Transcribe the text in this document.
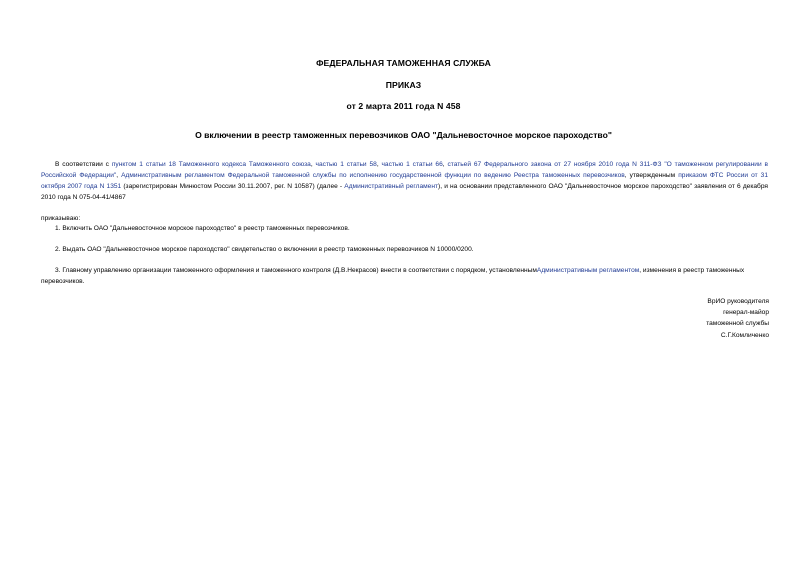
ФЕДЕРАЛЬНАЯ ТАМОЖЕННАЯ СЛУЖБА
ПРИКАЗ
от 2 марта 2011 года N 458
О включении в реестр таможенных перевозчиков ОАО "Дальневосточное морское пароходство"

В соответствии с пунктом 1 статьи 18 Таможенного кодекса Таможенного союза, частью 1 статьи 58, частью 1 статьи 66, статьей 67 Федерального закона от 27 ноября 2010 года N 311-ФЗ "О таможенном регулировании в Российской Федерации", Административным регламентом Федеральной таможенной службы по исполнению государственной функции по ведению Реестра таможенных перевозчиков, утвержденным приказом ФТС России от 31 октября 2007 года N 1351 (зарегистрирован Минюстом России 30.11.2007, рег. N 10587) (далее - Административный регламент), и на основании представленного ОАО "Дальневосточное морское пароходство" заявления от 6 декабря 2010 года N 075-04-41/4867

приказываю:

1. Включить ОАО "Дальневосточное морское пароходство" в реестр таможенных перевозчиков.

2. Выдать ОАО "Дальневосточное морское пароходство" свидетельство о включении в реестр таможенных перевозчиков N 10000/0200.

3. Главному управлению организации таможенного оформления и таможенного контроля (Д.В.Некрасов) внести в соответствии с порядком, установленнымАдминистративным регламентом, изменения в реестр таможенных перевозчиков.

ВрИО руководителя
генерал-майор
таможенной службы
С.Г.Комличенко
